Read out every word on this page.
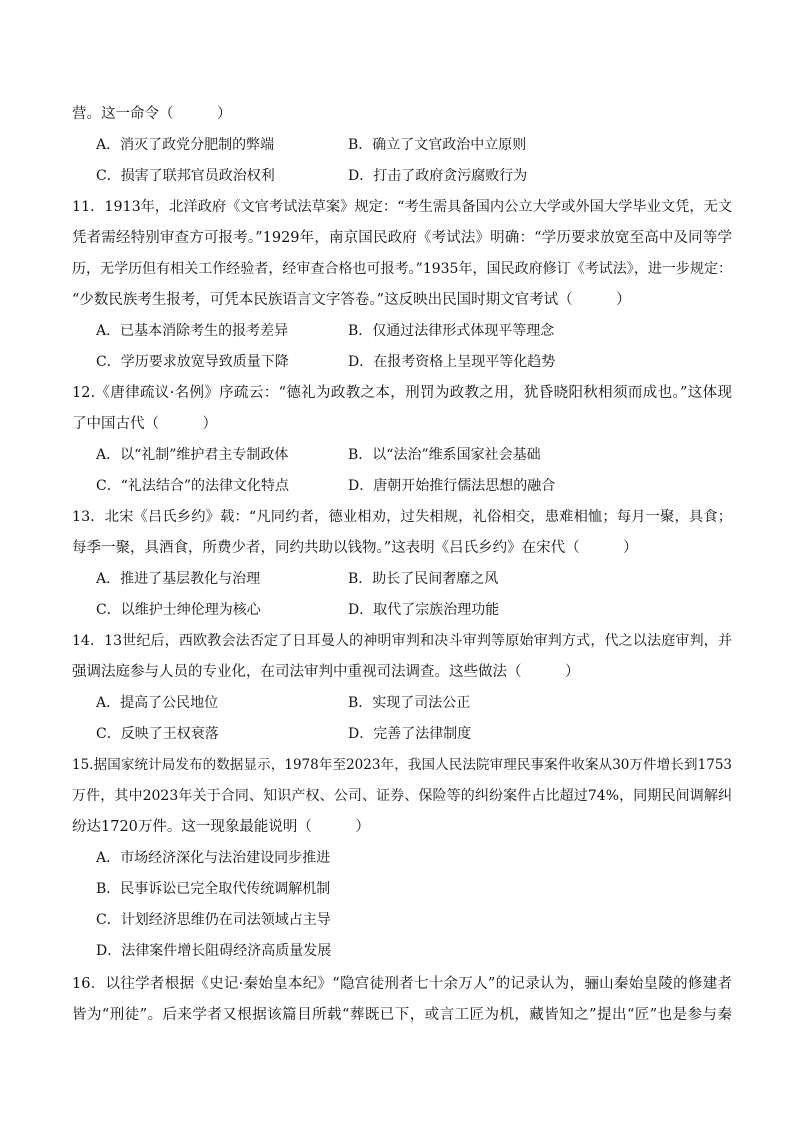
营。这一命令（　　　）
A．消灭了政党分肥制的弊端	B．确立了文官政治中立原则
C．损害了联邦官员政治权利	D．打击了政府贪污腐败行为
11．1913年，北洋政府《文官考试法草案》规定：“考生需具备国内公立大学或外国大学毕业文凭，无文
凭者需经特别审查方可报考。”1929年，南京国民政府《考试法》明确：“学历要求放宽至高中及同等学
历，无学历但有相关工作经验者，经审查合格也可报考。”1935年，国民政府修订《考试法》，进一步规定：
“少数民族考生报考，可凭本民族语言文字答卷。”这反映出民国时期文官考试（　　　）
A．已基本消除考生的报考差异	B．仅通过法律形式体现平等理念
C．学历要求放宽导致质量下降	D．在报考资格上呈现平等化趋势
12.《唐律疏议·名例》序疏云：“德礼为政教之本，刑罚为政教之用，犹昏晓阳秋相须而成也。”这体现
了中国古代（　　　）
A．以“礼制”维护君主专制政体	B．以“法治”维系国家社会基础
C．“礼法结合”的法律文化特点	D．唐朝开始推行儒法思想的融合
13．北宋《吕氏乡约》载：“凡同约者，德业相劝，过失相规，礼俗相交，患难相恤；每月一聚，具食；
每季一聚，具酒食，所费少者，同约共助以钱物。”这表明《吕氏乡约》在宋代（　　　）
A．推进了基层教化与治理	B．助长了民间奢靡之风
C．以维护士绅伦理为核心	D．取代了宗族治理功能
14．13世纪后，西欧教会法否定了日耳曼人的神明审判和决斗审判等原始审判方式，代之以法庭审判，并
强调法庭参与人员的专业化，在司法审判中重视司法调查。这些做法（　　　）
A．提高了公民地位	B．实现了司法公正
C．反映了王权衰落	D．完善了法律制度
15.据国家统计局发布的数据显示，1978年至2023年，我国人民法院审理民事案件收案从30万件增长到1753
万件，其中2023年关于合同、知识产权、公司、证券、保险等的纠纷案件占比超过74%，同期民间调解纠
纷达1720万件。这一现象最能说明（　　　）
A．市场经济深化与法治建设同步推进
B．民事诉讼已完全取代传统调解机制
C．计划经济思维仍在司法领域占主导
D．法律案件增长阻碍经济高质量发展
16．以往学者根据《史记·秦始皇本纪》“隐宫徒刑者七十余万人”的记录认为，骊山秦始皇陵的修建者
皆为“刑徒”。后来学者又根据该篇目所载“葬既已下，或言工匠为机，藏皆知之”提出“匠”也是参与秦
